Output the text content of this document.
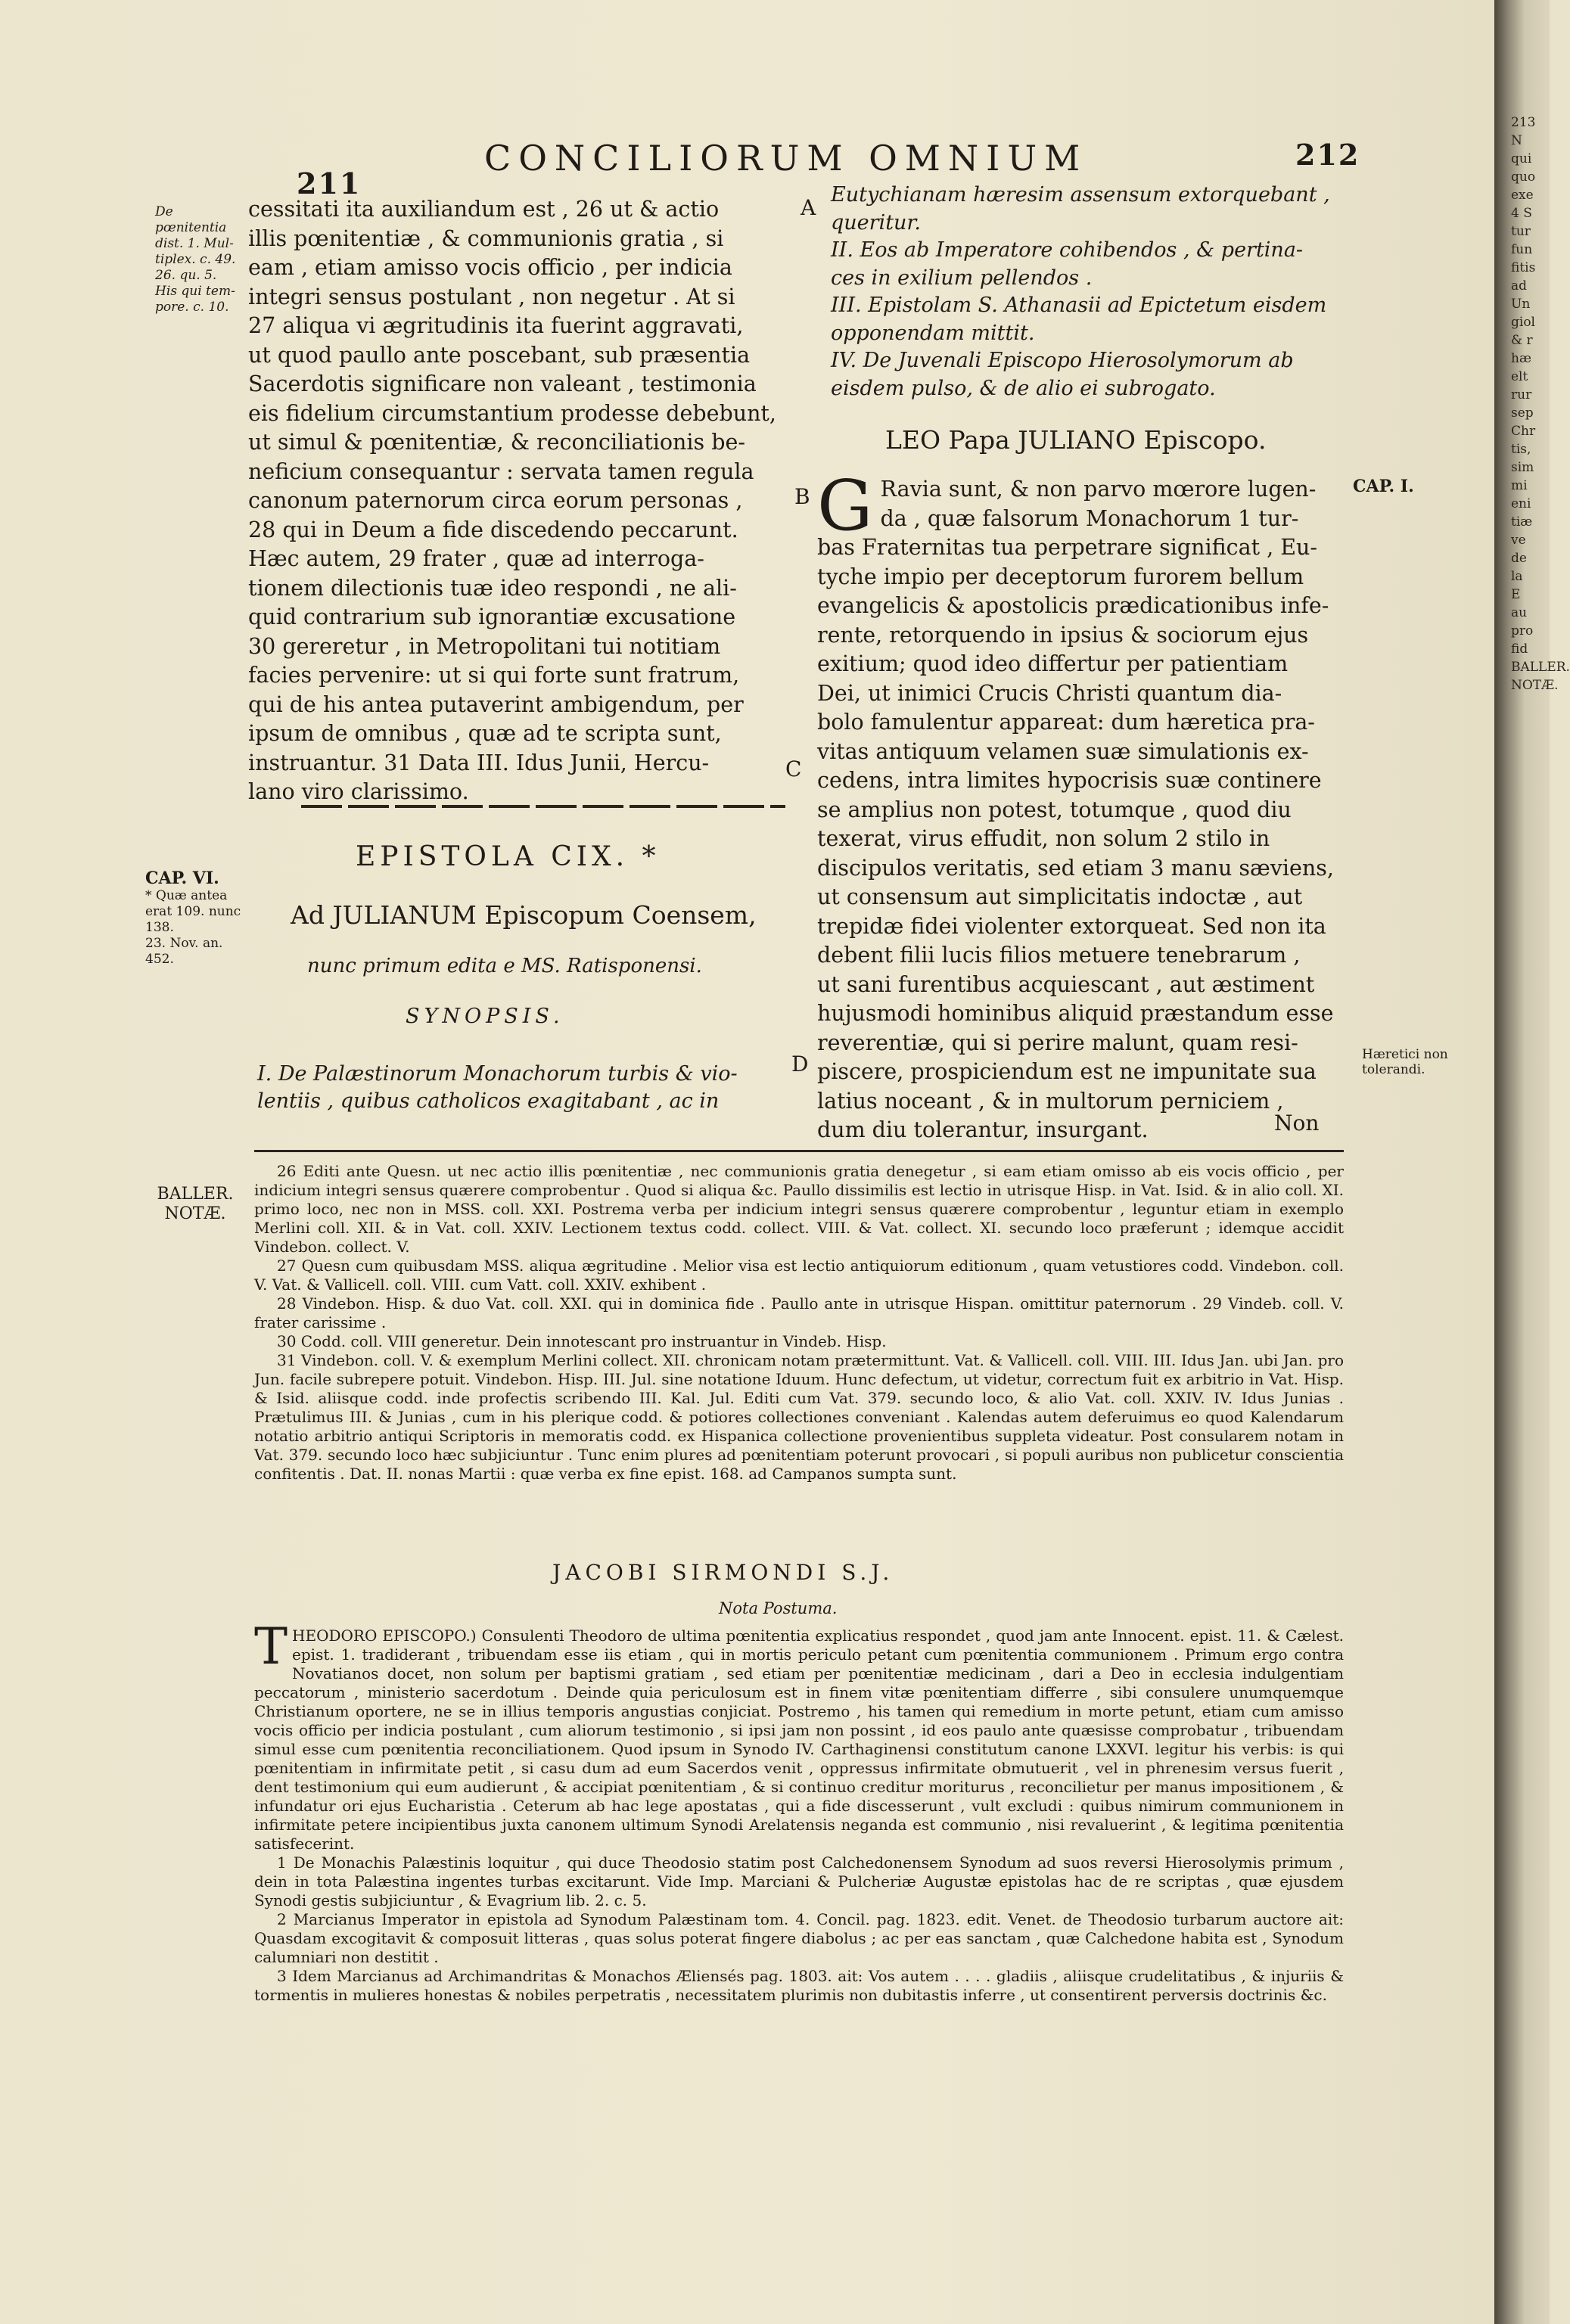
211
CONCILIORUM OMNIUM	212
De pœnitentia
dist. 1. Mul-
tiplex. c. 49.
26. qu. 5.
His qui tem-
pore. c. 10.
cessitati ita auxiliandum est , 26 ut & actio
illis pœnitentiæ , & communionis gratia , si
eam , etiam amisso vocis officio , per indicia
integri sensus postulant , non negetur . At si
27 aliqua vi ægritudinis ita fuerint aggravati,
ut quod paullo ante poscebant, sub præsentia
Sacerdotis significare non valeant , testimonia
eis fidelium circumstantium prodesse debebunt,
ut simul & pœnitentiæ, & reconciliationis be-
neficium consequantur : servata tamen regula
canonum paternorum circa eorum personas ,
28 qui in Deum a fide discedendo peccarunt.
Hæc autem, 29 frater , quæ ad interroga-
tionem dilectionis tuæ ideo respondi , ne ali-
quid contrarium sub ignorantiæ excusatione
30 gereretur , in Metropolitani tui notitiam
facies pervenire: ut si qui forte sunt fratrum,
qui de his antea putaverint ambigendum, per
ipsum de omnibus , quæ ad te scripta sunt,
instruantur. 31 Data III. Idus Junii, Hercu-
lano viro clarissimo.
A
B
C
D
CAP. VI.
* Quæ antea
erat 109. nunc
138.
23. Nov. an.
452.
EPISTOLA CIX. *
Ad JULIANUM Episcopum Coensem,
nunc primum edita e MS. Ratisponensi.
SYNOPSIS.
I. De Palæstinorum Monachorum turbis & vio-
lentiis , quibus catholicos exagitabant , ac in
Eutychianam hæresim assensum extorquebant ,
queritur.
II. Eos ab Imperatore cohibendos , & pertina-
ces in exilium pellendos .
III. Epistolam S. Athanasii ad Epictetum eisdem
opponendam mittit.
IV. De Juvenali Episcopo Hierosolymorum ab
eisdem pulso, & de alio ei subrogato.
LEO Papa JULIANO Episcopo.
CAP. I.
G Ravia sunt, & non parvo mœrore lugen-
da , quæ falsorum Monachorum 1 tur-
bas Fraternitas tua perpetrare significat , Eu-
tyche impio per deceptorum furorem bellum
evangelicis & apostolicis prædicationibus infe-
rente, retorquendo in ipsius & sociorum ejus
exitium; quod ideo differtur per patientiam
Dei, ut inimici Crucis Christi quantum dia-
bolo famulentur appareat: dum hæretica pra-
vitas antiquum velamen suæ simulationis ex-
cedens, intra limites hypocrisis suæ continere
se amplius non potest, totumque , quod diu
texerat, virus effudit, non solum 2 stilo in
discipulos veritatis, sed etiam 3 manu sæviens,
ut consensum aut simplicitatis indoctæ , aut
trepidæ fidei violenter extorqueat. Sed non ita
debent filii lucis filios metuere tenebrarum ,
ut sani furentibus acquiescant , aut æstiment
hujusmodi hominibus aliquid præstandum esse
reverentiæ, qui si perire malunt, quam resi-
piscere, prospiciendum est ne impunitate sua
latius noceant , & in multorum perniciem ,
dum diu tolerantur, insurgant.
Hæretici non
tolerandi.
Non
BALLER.
NOTÆ.

26 Editi ante Quesn. ut nec actio illis pœnitentiæ , nec communionis gratia denegetur , si eam etiam omisso ab eis vocis officio , per indicium integri sensus quærere comprobentur . Quod si aliqua &c. Paullo dissimilis est lectio in utrisque Hisp. in Vat. Isid. & in alio coll. XI. primo loco, nec non in MSS. coll. XXI. Postrema verba per indicium integri sensus quærere comprobentur , leguntur etiam in exemplo Merlini coll. XII. & in Vat. coll. XXIV. Lectionem textus codd. collect. VIII. & Vat. collect. XI. secundo loco præferunt ; idemque accidit Vindebon. collect. V.

27 Quesn cum quibusdam MSS. aliqua ægritudine . Melior visa est lectio antiquiorum editionum , quam vetustiores codd. Vindebon. coll. V. Vat. & Vallicell. coll. VIII. cum Vatt. coll. XXIV. exhibent .

28 Vindebon. Hisp. & duo Vat. coll. XXI. qui in dominica fide . Paullo ante in utrisque Hispan. omittitur paternorum . 29 Vindeb. coll. V. frater carissime .

30 Codd. coll. VIII generetur. Dein innotescant pro instruantur in Vindeb. Hisp.

31 Vindebon. coll. V. & exemplum Merlini collect. XII. chronicam notam prætermittunt. Vat. & Vallicell. coll. VIII. III. Idus Jan. ubi Jan. pro Jun. facile subrepere potuit. Vindebon. Hisp. III. Jul. sine notatione Iduum. Hunc defectum, ut videtur, correctum fuit ex arbitrio in Vat. Hisp. & Isid. aliisque codd. inde profectis scribendo III. Kal. Jul. Editi cum Vat. 379. secundo loco, & alio Vat. coll. XXIV. IV. Idus Junias . Prætulimus III. & Junias , cum in his plerique codd. & potiores collectiones conveniant . Kalendas autem deferuimus eo quod Kalendarum notatio arbitrio antiqui Scriptoris in memoratis codd. ex Hispanica collectione provenientibus suppleta videatur. Post consularem notam in Vat. 379. secundo loco hæc subjiciuntur . Tunc enim plures ad pœnitentiam poterunt provocari , si populi auribus non publicetur conscientia confitentis . Dat. II. nonas Martii : quæ verba ex fine epist. 168. ad Campanos sumpta sunt.

JACOBI SIRMONDI S.J.
Nota Postuma.

THEODORO EPISCOPO.) Consulenti Theodoro de ultima pœnitentia explicatius respondet , quod jam ante Innocent. epist. 11. & Cælest. epist. 1. tradiderant , tribuendam esse iis etiam , qui in mortis periculo petant cum pœnitentia communionem . Primum ergo contra Novatianos docet, non solum per baptismi gratiam , sed etiam per pœnitentiæ medicinam , dari a Deo in ecclesia indulgentiam peccatorum , ministerio sacerdotum . Deinde quia periculosum est in finem vitæ pœnitentiam differre , sibi consulere unumquemque Christianum oportere, ne se in illius temporis angustias conjiciat. Postremo , his tamen qui remedium in morte petunt, etiam cum amisso vocis officio per indicia postulant , cum aliorum testimonio , si ipsi jam non possint , id eos paulo ante quæsisse comprobatur , tribuendam simul esse cum pœnitentia reconciliationem. Quod ipsum in Synodo IV. Carthaginensi constitutum canone LXXVI. legitur his verbis: is qui pœnitentiam in infirmitate petit , si casu dum ad eum Sacerdos venit , oppressus infirmitate obmutuerit , vel in phrenesim versus fuerit , dent testimonium qui eum audierunt , & accipiat pœnitentiam , & si continuo creditur moriturus , reconcilietur per manus impositionem , & infundatur ori ejus Eucharistia . Ceterum ab hac lege apostatas , qui a fide discesserunt , vult excludi : quibus nimirum communionem in infirmitate petere incipientibus juxta canonem ultimum Synodi Arelatensis neganda est communio , nisi revaluerint , & legitima pœnitentia satisfecerint.

1 De Monachis Palæstinis loquitur , qui duce Theodosio statim post Calchedonensem Synodum ad suos reversi Hierosolymis primum , dein in tota Palæstina ingentes turbas excitarunt. Vide Imp. Marciani & Pulcheriæ Augustæ epistolas hac de re scriptas , quæ ejusdem Synodi gestis subjiciuntur , & Evagrium lib. 2. c. 5.

2 Marcianus Imperator in epistola ad Synodum Palæstinam tom. 4. Concil. pag. 1823. edit. Venet. de Theodosio turbarum auctore ait: Quasdam excogitavit & composuit litteras , quas solus poterat fingere diabolus ; ac per eas sanctam , quæ Calchedone habita est , Synodum calumniari non destitit .

3 Idem Marcianus ad Archimandritas & Monachos Æliensés pag. 1803. ait: Vos autem . . . . gladiis , aliisque crudelitatibus , & injuriis & tormentis in mulieres honestas & nobiles perpetratis , necessitatem plurimis non dubitastis inferre , ut consentirent perversis doctrinis &c.

213
N
qui
quo
exe
4 S
tur
fun
fitis
ad
Un
giol
& r
hæ
elt
rur
sep
Chr
tis,
sim
mi
eni
tiæ
ve
de
la
E
au
pro
fid
BALLER.
NOTÆ.
